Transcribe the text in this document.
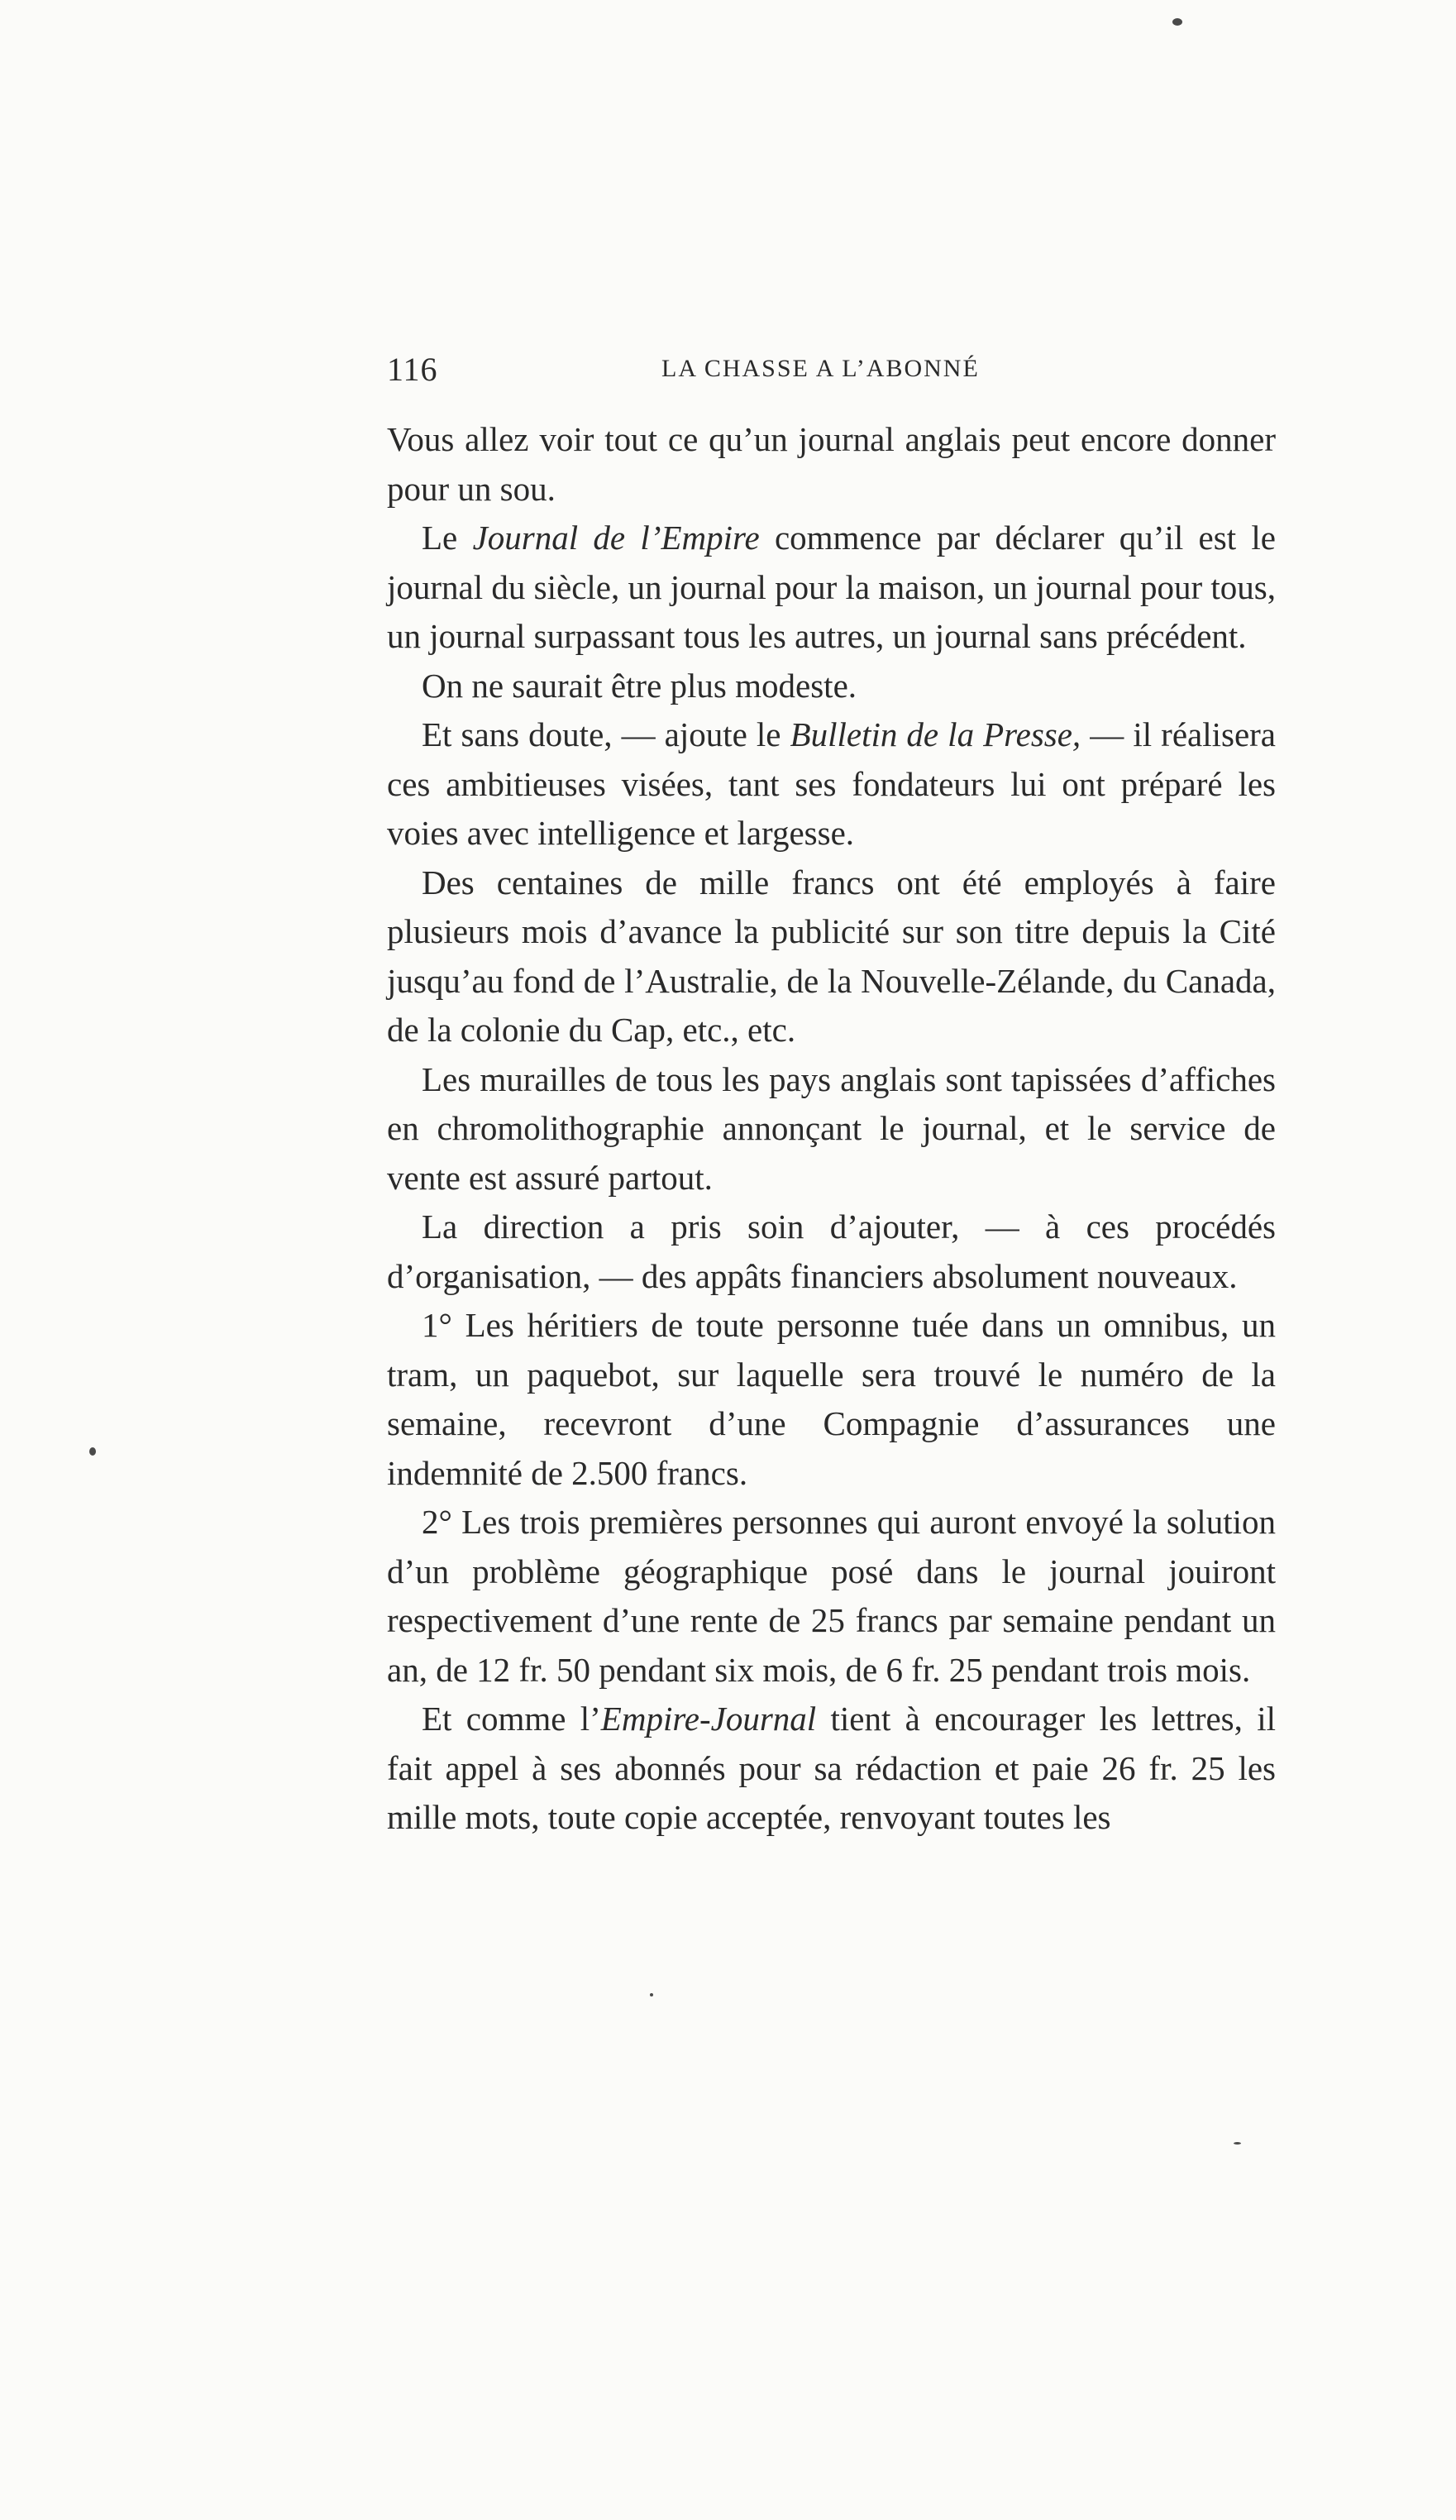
116	LA CHASSE A L’ABONNÉ

Vous allez voir tout ce qu’un journal anglais peut encore donner pour un sou.

Le Journal de l’Empire commence par déclarer qu’il est le journal du siècle, un journal pour la maison, un journal pour tous, un journal surpassant tous les autres, un journal sans précédent.

On ne saurait être plus modeste.

Et sans doute, — ajoute le Bulletin de la Presse, — il réalisera ces ambitieuses visées, tant ses fondateurs lui ont préparé les voies avec intelligence et largesse.

Des centaines de mille francs ont été employés à faire plusieurs mois d’avance la publicité sur son titre depuis la Cité jusqu’au fond de l’Australie, de la Nouvelle-Zélande, du Canada, de la colonie du Cap, etc., etc.

Les murailles de tous les pays anglais sont tapissées d’affiches en chromolithographie annonçant le journal, et le service de vente est assuré partout.

La direction a pris soin d’ajouter, — à ces procédés d’organisation, — des appâts financiers absolument nouveaux.

1° Les héritiers de toute personne tuée dans un omnibus, un tram, un paquebot, sur laquelle sera trouvé le numéro de la semaine, recevront d’une Compagnie d’assurances une indemnité de 2.500 francs.

2° Les trois premières personnes qui auront envoyé la solution d’un problème géographique posé dans le journal jouiront respectivement d’une rente de 25 francs par semaine pendant un an, de 12 fr. 50 pendant six mois, de 6 fr. 25 pendant trois mois.

Et comme l’Empire-Journal tient à encourager les lettres, il fait appel à ses abonnés pour sa rédaction et paie 26 fr. 25 les mille mots, toute copie acceptée, renvoyant toutes les
